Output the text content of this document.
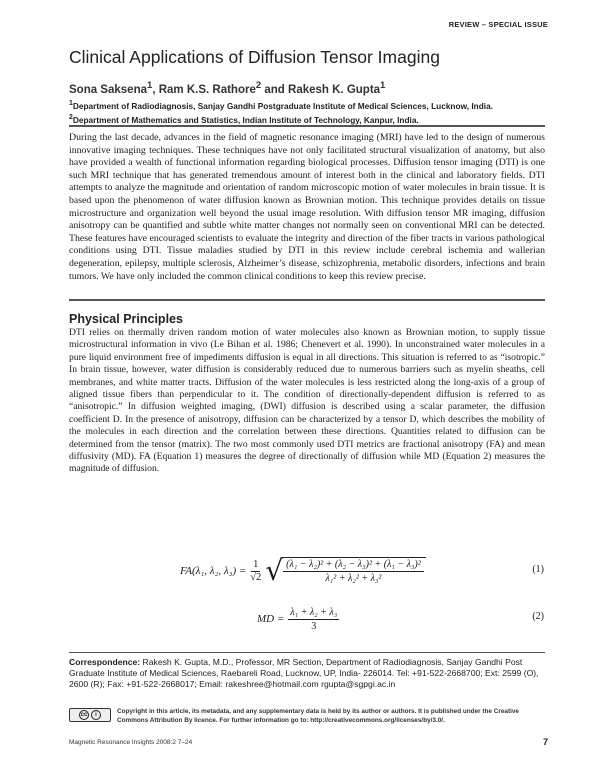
REVIEW – SPECIAL ISSUE
Clinical Applications of Diffusion Tensor Imaging
Sona Saksena$^1$, Ram K.S. Rathore$^2$ and Rakesh K. Gupta$^1$
$^1$Department of Radiodiagnosis, Sanjay Gandhi Postgraduate Institute of Medical Sciences, Lucknow, India. $^2$Department of Mathematics and Statistics, Indian Institute of Technology, Kanpur, India.
During the last decade, advances in the field of magnetic resonance imaging (MRI) have led to the design of numerous innovative imaging techniques. These techniques have not only facilitated structural visualization of anatomy, but also have provided a wealth of functional information regarding biological processes. Diffusion tensor imaging (DTI) is one such MRI technique that has generated tremendous amount of interest both in the clinical and laboratory fields. DTI attempts to analyze the magnitude and orientation of random microscopic motion of water molecules in brain tissue. It is based upon the phenomenon of water diffusion known as Brownian motion. This technique provides details on tissue microstructure and organization well beyond the usual image resolution. With diffusion tensor MR imaging, diffusion anisotropy can be quantified and subtle white matter changes not normally seen on conventional MRI can be detected. These features have encouraged scientists to evaluate the integrity and direction of the fiber tracts in various pathological conditions using DTI. Tissue maladies studied by DTI in this review include cerebral ischemia and wallerian degeneration, epilepsy, multiple sclerosis, Alzheimer’s disease, schizophrenia, metabolic disorders, infections and brain tumors. We have only included the common clinical conditions to keep this review precise.
Physical Principles
DTI relies on thermally driven random motion of water molecules also known as Brownian motion, to supply tissue microstructural information in vivo (Le Bihan et al. 1986; Chenevert et al. 1990). In unconstrained water molecules in a pure liquid environment free of impediments diffusion is equal in all directions. This situation is referred to as “isotropic.” In brain tissue, however, water diffusion is considerably reduced due to numerous barriers such as myelin sheaths, cell membranes, and white matter tracts. Diffusion of the water molecules is less restricted along the long-axis of a group of aligned tissue fibers than perpendicular to it. The condition of directionally-dependent diffusion is referred to as “anisotropic.” In diffusion weighted imaging, (DWI) diffusion is described using a scalar parameter, the diffusion coefficient D. In the presence of anisotropy, diffusion can be characterized by a tensor D, which describes the mobility of the molecules in each direction and the correlation between these directions. Quantities related to diffusion can be determined from the tensor (matrix). The two most commonly used DTI metrics are fractional anisotropy (FA) and mean diffusivity (MD). FA (Equation 1) measures the degree of directionally of diffusion while MD (Equation 2) measures the magnitude of diffusion.
FA(λ₁, λ₂, $\lambda_3) = \frac{1}{√2}$ √
$\frac{\text{(λ₁ − λ₂)² + (λ₂ − λ₃)² + (λ₁ − λ₃)²}}{\text{λ₁² + λ₂² + λ₃²}}$	(1)
MD = $\frac{\text{λ₁ + λ₂ + λ₃}}{3}$	(2)
Correspondence: Rakesh K. Gupta, M.D., Professor, MR Section, Department of Radiodiagnosis, Sanjay Gandhi Post Graduate Institute of Medical Sciences, Raebareli Road, Lucknow, UP, India- 226014. Tel: +91-522-2668700; Ext: 2599 (O), 2600 (R); Fax: +91-522-2668017; Email: rakeshree@hotmail.com rgupta@sgpgi.ac.in
cc	i	Copyright in this article, its metadata, and any supplementary data is held by its author or authors. It is published under the Creative Commons Attribution By licence. For further information go to: http://creativecommons.org/licenses/by/3.0/.
Magnetic Resonance Insights 2008:2 7–24	7
